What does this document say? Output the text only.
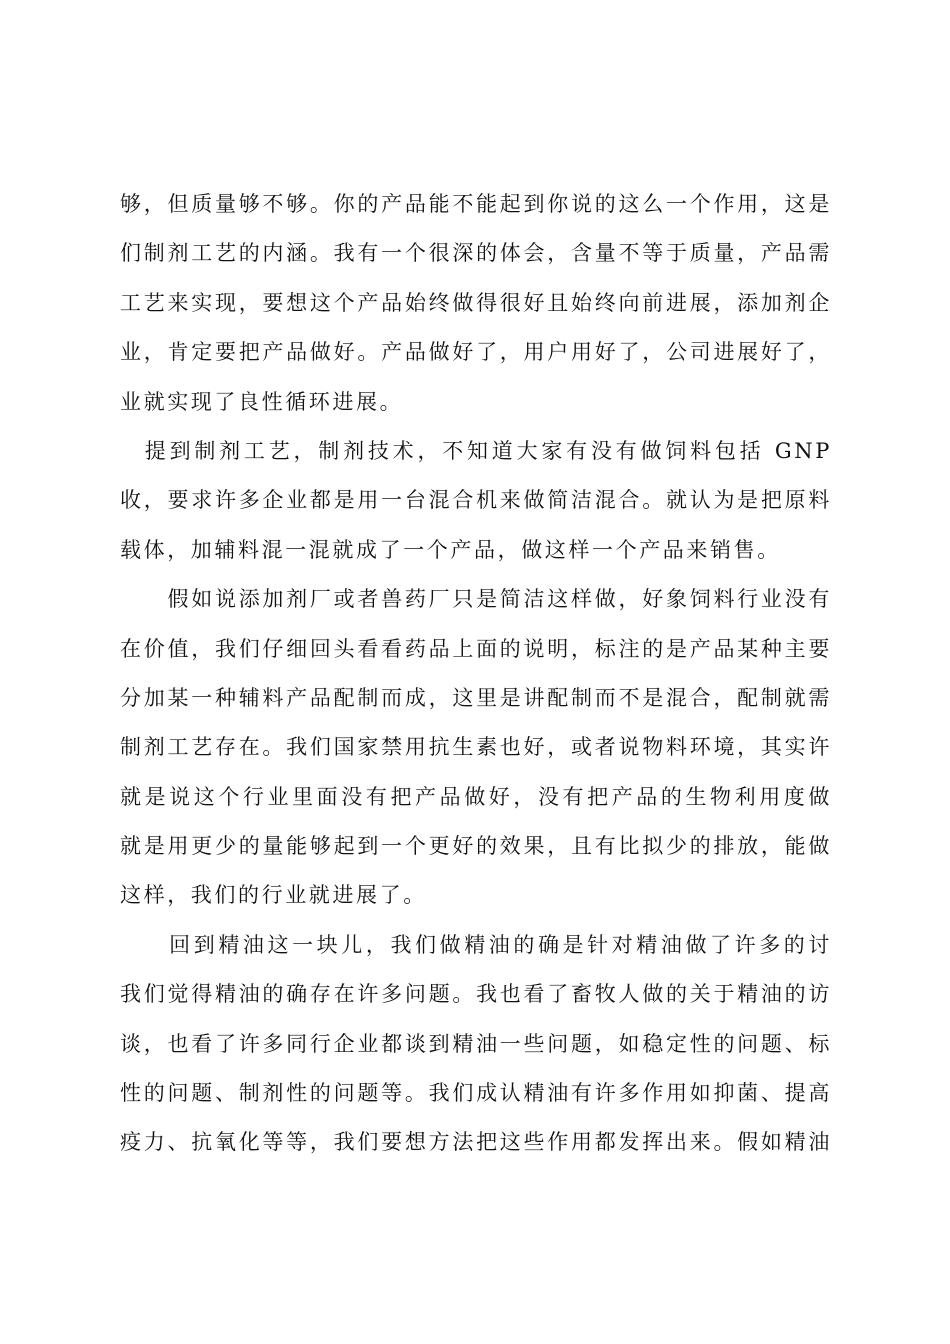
够，但质量够不够。你的产品能不能起到你说的这么一个作用，这是
们制剂工艺的内涵。我有一个很深的体会，含量不等于质量，产品需
工艺来实现，要想这个产品始终做得很好且始终向前进展，添加剂企
业，肯定要把产品做好。产品做好了，用户用好了，公司进展好了，
业就实现了良性循环进展。
　提到制剂工艺，制剂技术，不知道大家有没有做饲料包括 GNP
收，要求许多企业都是用一台混合机来做简洁混合。就认为是把原料
载体，加辅料混一混就成了一个产品，做这样一个产品来销售。
　　假如说添加剂厂或者兽药厂只是简洁这样做，好象饲料行业没有
在价值，我们仔细回头看看药品上面的说明，标注的是产品某种主要
分加某一种辅料产品配制而成，这里是讲配制而不是混合，配制就需
制剂工艺存在。我们国家禁用抗生素也好，或者说物料环境，其实许
就是说这个行业里面没有把产品做好，没有把产品的生物利用度做
就是用更少的量能够起到一个更好的效果，且有比拟少的排放，能做
这样，我们的行业就进展了。
　　回到精油这一块儿，我们做精油的确是针对精油做了许多的讨
我们觉得精油的确存在许多问题。我也看了畜牧人做的关于精油的访
谈，也看了许多同行企业都谈到精油一些问题，如稳定性的问题、标
性的问题、制剂性的问题等。我们成认精油有许多作用如抑菌、提高
疫力、抗氧化等等，我们要想方法把这些作用都发挥出来。假如精油
